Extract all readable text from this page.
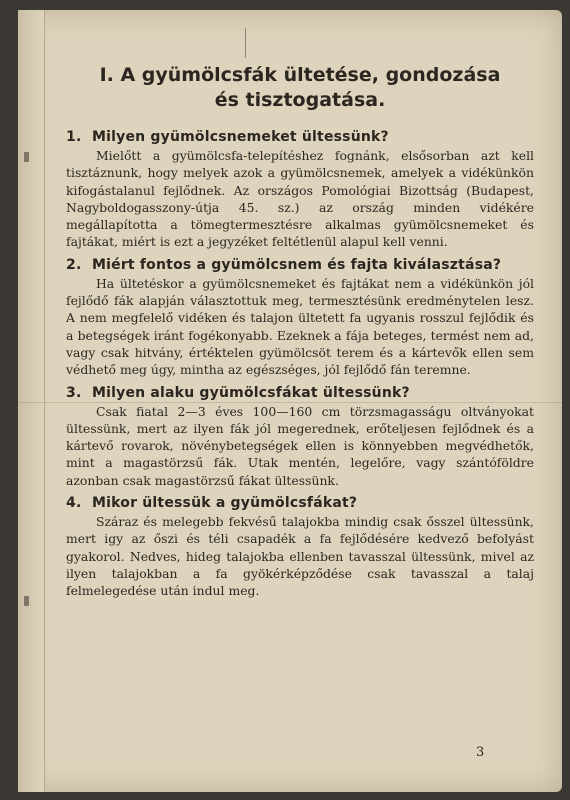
I. A gyümölcsfák ültetése, gondozása
és tisztogatása.

1. Milyen gyümölcsnemeket ültessünk?

Mielőtt a gyümölcsfa-telepítéshez fognánk, elsősorban azt kell tisztáznunk, hogy melyek azok a gyümölcsnemek, amelyek a vidékünkön kifogástalanul fejlődnek. Az országos Pomológiai Bizottság (Budapest, Nagyboldogasszony-útja 45. sz.) az ország minden vidékére megállapította a tömegtermesztésre alkalmas gyümölcsnemeket és fajtákat, miért is ezt a jegyzéket feltétlenül alapul kell venni.

2. Miért fontos a gyümölcsnem és fajta kiválasztása?

Ha ültetéskor a gyümölcsnemeket és fajtákat nem a vidékünkön jól fejlődő fák alapján választottuk meg, termesztésünk eredménytelen lesz. A nem megfelelő vidéken és talajon ültetett fa ugyanis rosszul fejlődik és a betegségek iránt fogékonyabb. Ezeknek a fája beteges, termést nem ad, vagy csak hitvány, értéktelen gyümölcsöt terem és a kártevők ellen sem védhető meg úgy, mintha az egészséges, jól fejlődő fán teremne.

3. Milyen alaku gyümölcsfákat ültessünk?

Csak fiatal 2—3 éves 100—160 cm törzsmagasságu oltványokat ültessünk, mert az ilyen fák jól megerednek, erőteljesen fejlődnek és a kártevő rovarok, növénybetegségek ellen is könnyebben megvédhetők, mint a magastörzsű fák. Utak mentén, legelőre, vagy szántóföldre azonban csak magastörzsű fákat ültessünk.

4. Mikor ültessük a gyümölcsfákat?

Száraz és melegebb fekvésű talajokba mindig csak ősszel ültessünk, mert igy az őszi és téli csapadék a fa fejlődésére kedvező befolyást gyakorol. Nedves, hideg talajokba ellenben tavasszal ültessünk, mivel az ilyen talajokban a fa gyökérképződése csak tavasszal a talaj felmelegedése után indul meg.

3
